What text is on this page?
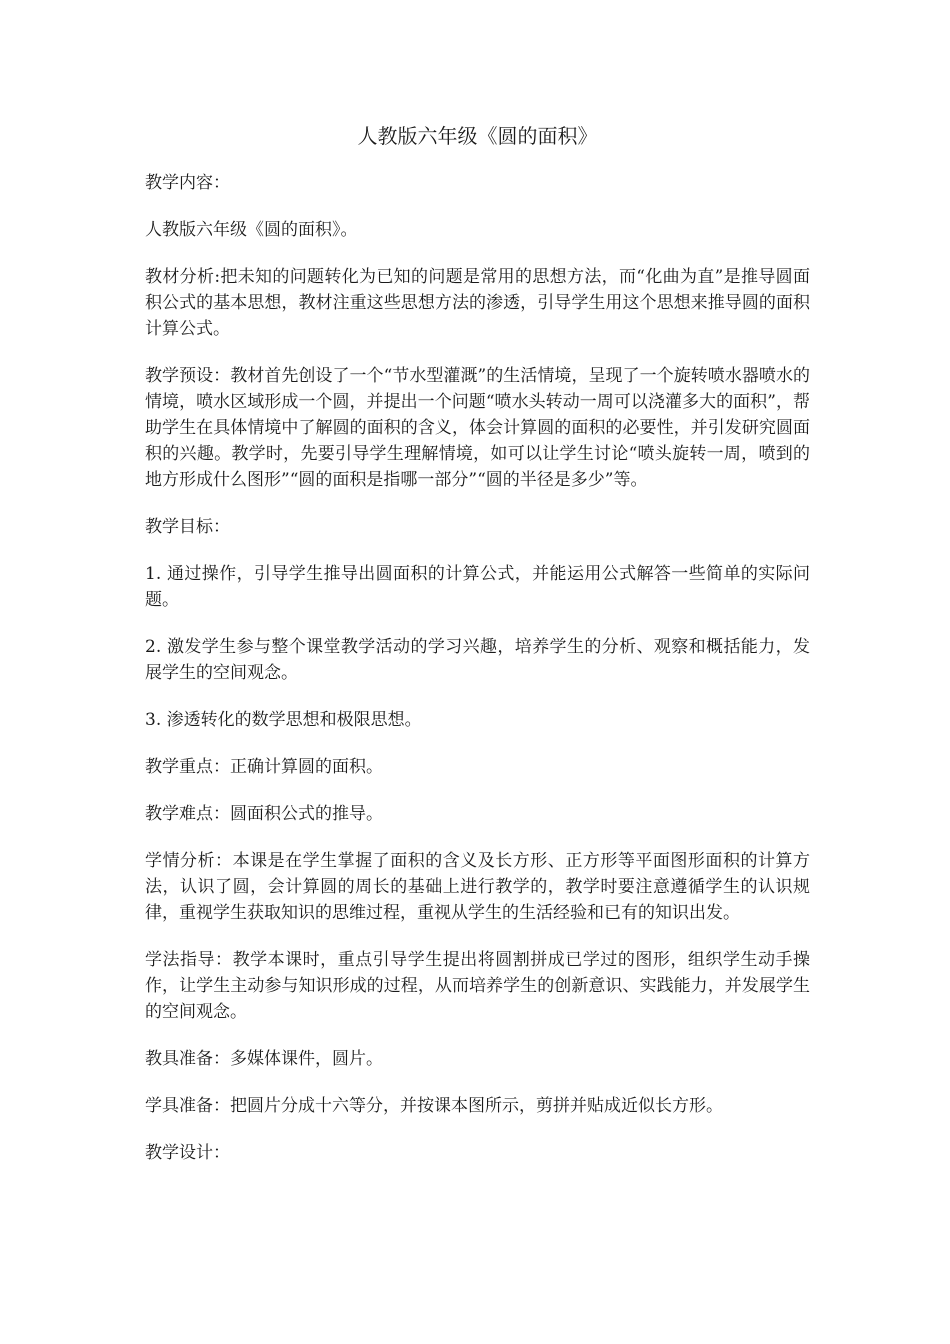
人教版六年级《圆的面积》

教学内容：

人教版六年级《圆的面积》。

教材分析:把未知的问题转化为已知的问题是常用的思想方法，而“化曲为直”是推导圆面积公式的基本思想，教材注重这些思想方法的渗透，引导学生用这个思想来推导圆的面积计算公式。

教学预设：教材首先创设了一个“节水型灌溉”的生活情境，呈现了一个旋转喷水器喷水的情境，喷水区域形成一个圆，并提出一个问题“喷水头转动一周可以浇灌多大的面积”，帮助学生在具体情境中了解圆的面积的含义，体会计算圆的面积的必要性，并引发研究圆面积的兴趣。教学时，先要引导学生理解情境，如可以让学生讨论“喷头旋转一周，喷到的地方形成什么图形”“圆的面积是指哪一部分”“圆的半径是多少”等。

教学目标：

1. 通过操作，引导学生推导出圆面积的计算公式，并能运用公式解答一些简单的实际问题。

2. 激发学生参与整个课堂教学活动的学习兴趣，培养学生的分析、观察和概括能力，发展学生的空间观念。

3. 渗透转化的数学思想和极限思想。

教学重点：正确计算圆的面积。

教学难点：圆面积公式的推导。

学情分析：本课是在学生掌握了面积的含义及长方形、正方形等平面图形面积的计算方法，认识了圆，会计算圆的周长的基础上进行教学的，教学时要注意遵循学生的认识规律，重视学生获取知识的思维过程，重视从学生的生活经验和已有的知识出发。

学法指导：教学本课时，重点引导学生提出将圆割拼成已学过的图形，组织学生动手操作，让学生主动参与知识形成的过程，从而培养学生的创新意识、实践能力，并发展学生的空间观念。

教具准备：多媒体课件，圆片。

学具准备：把圆片分成十六等分，并按课本图所示，剪拼并贴成近似长方形。

教学设计：
